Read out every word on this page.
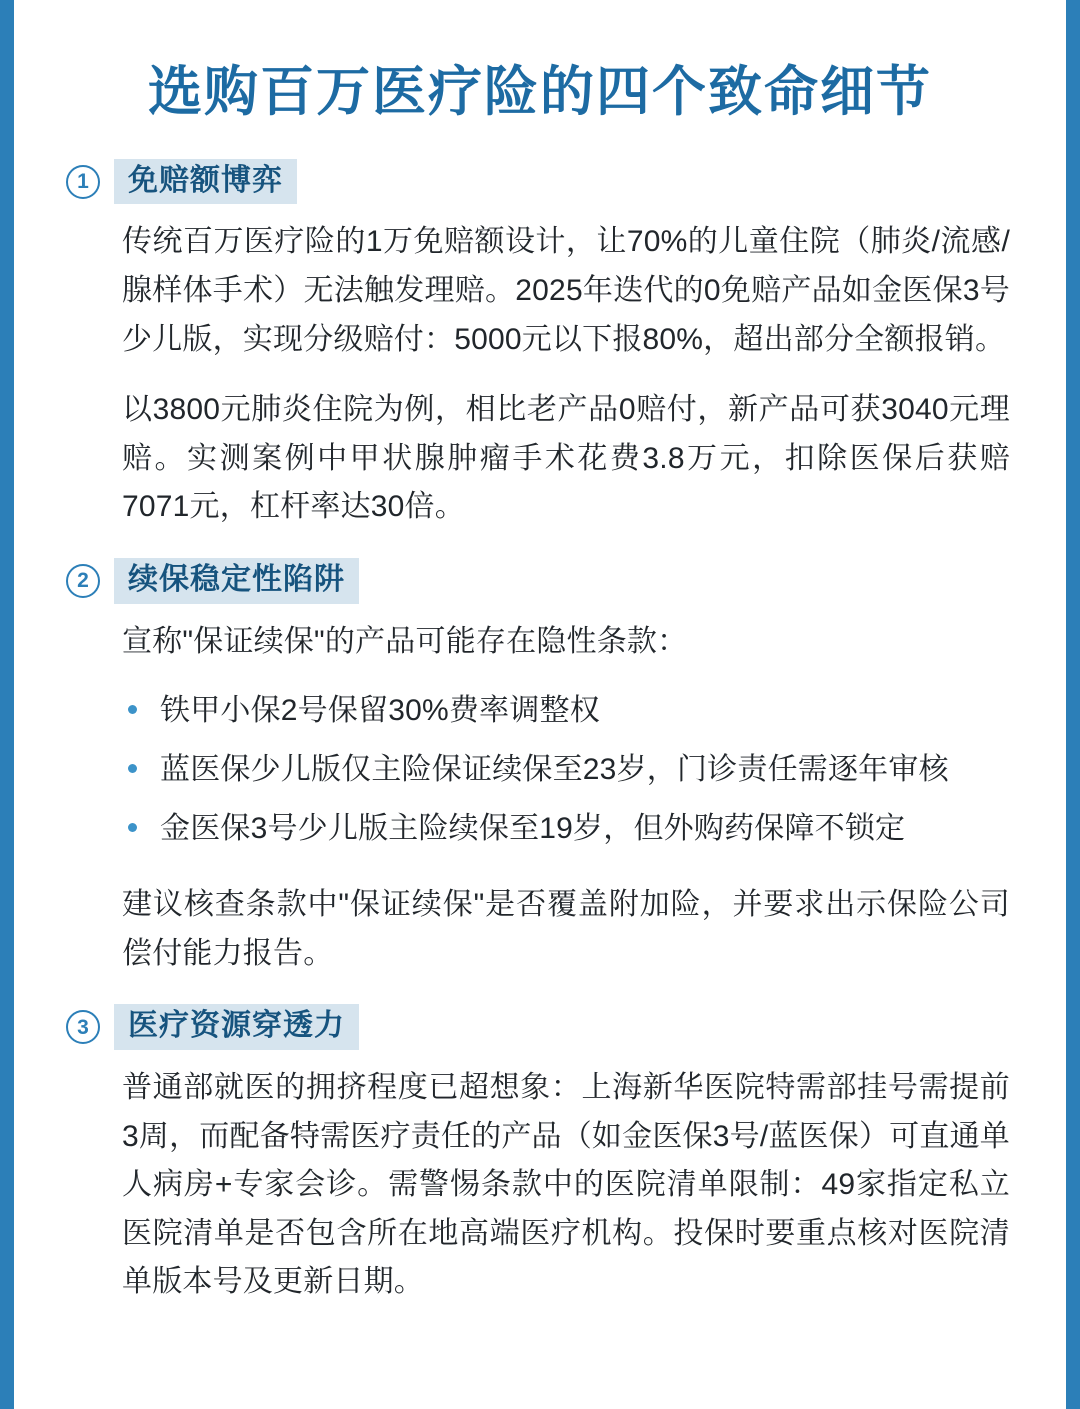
选购百万医疗险的四个致命细节
1	免赔额博弈

传统百万医疗险的1万免赔额设计，让70%的儿童住院（肺炎/流感/腺样体手术）无法触发理赔。2025年迭代的0免赔产品如金医保3号少儿版，实现分级赔付：5000元以下报80%，超出部分全额报销。

以3800元肺炎住院为例，相比老产品0赔付，新产品可获3040元理赔。实测案例中甲状腺肿瘤手术花费3.8万元，扣除医保后获赔7071元，杠杆率达30倍。

2	续保稳定性陷阱

宣称"保证续保"的产品可能存在隐性条款：

铁甲小保2号保留30%费率调整权
蓝医保少儿版仅主险保证续保至23岁，门诊责任需逐年审核
金医保3号少儿版主险续保至19岁，但外购药保障不锁定

建议核查条款中"保证续保"是否覆盖附加险，并要求出示保险公司偿付能力报告。

3	医疗资源穿透力

普通部就医的拥挤程度已超想象：上海新华医院特需部挂号需提前3周，而配备特需医疗责任的产品（如金医保3号/蓝医保）可直通单人病房+专家会诊。需警惕条款中的医院清单限制：49家指定私立医院清单是否包含所在地高端医疗机构。投保时要重点核对医院清单版本号及更新日期。
